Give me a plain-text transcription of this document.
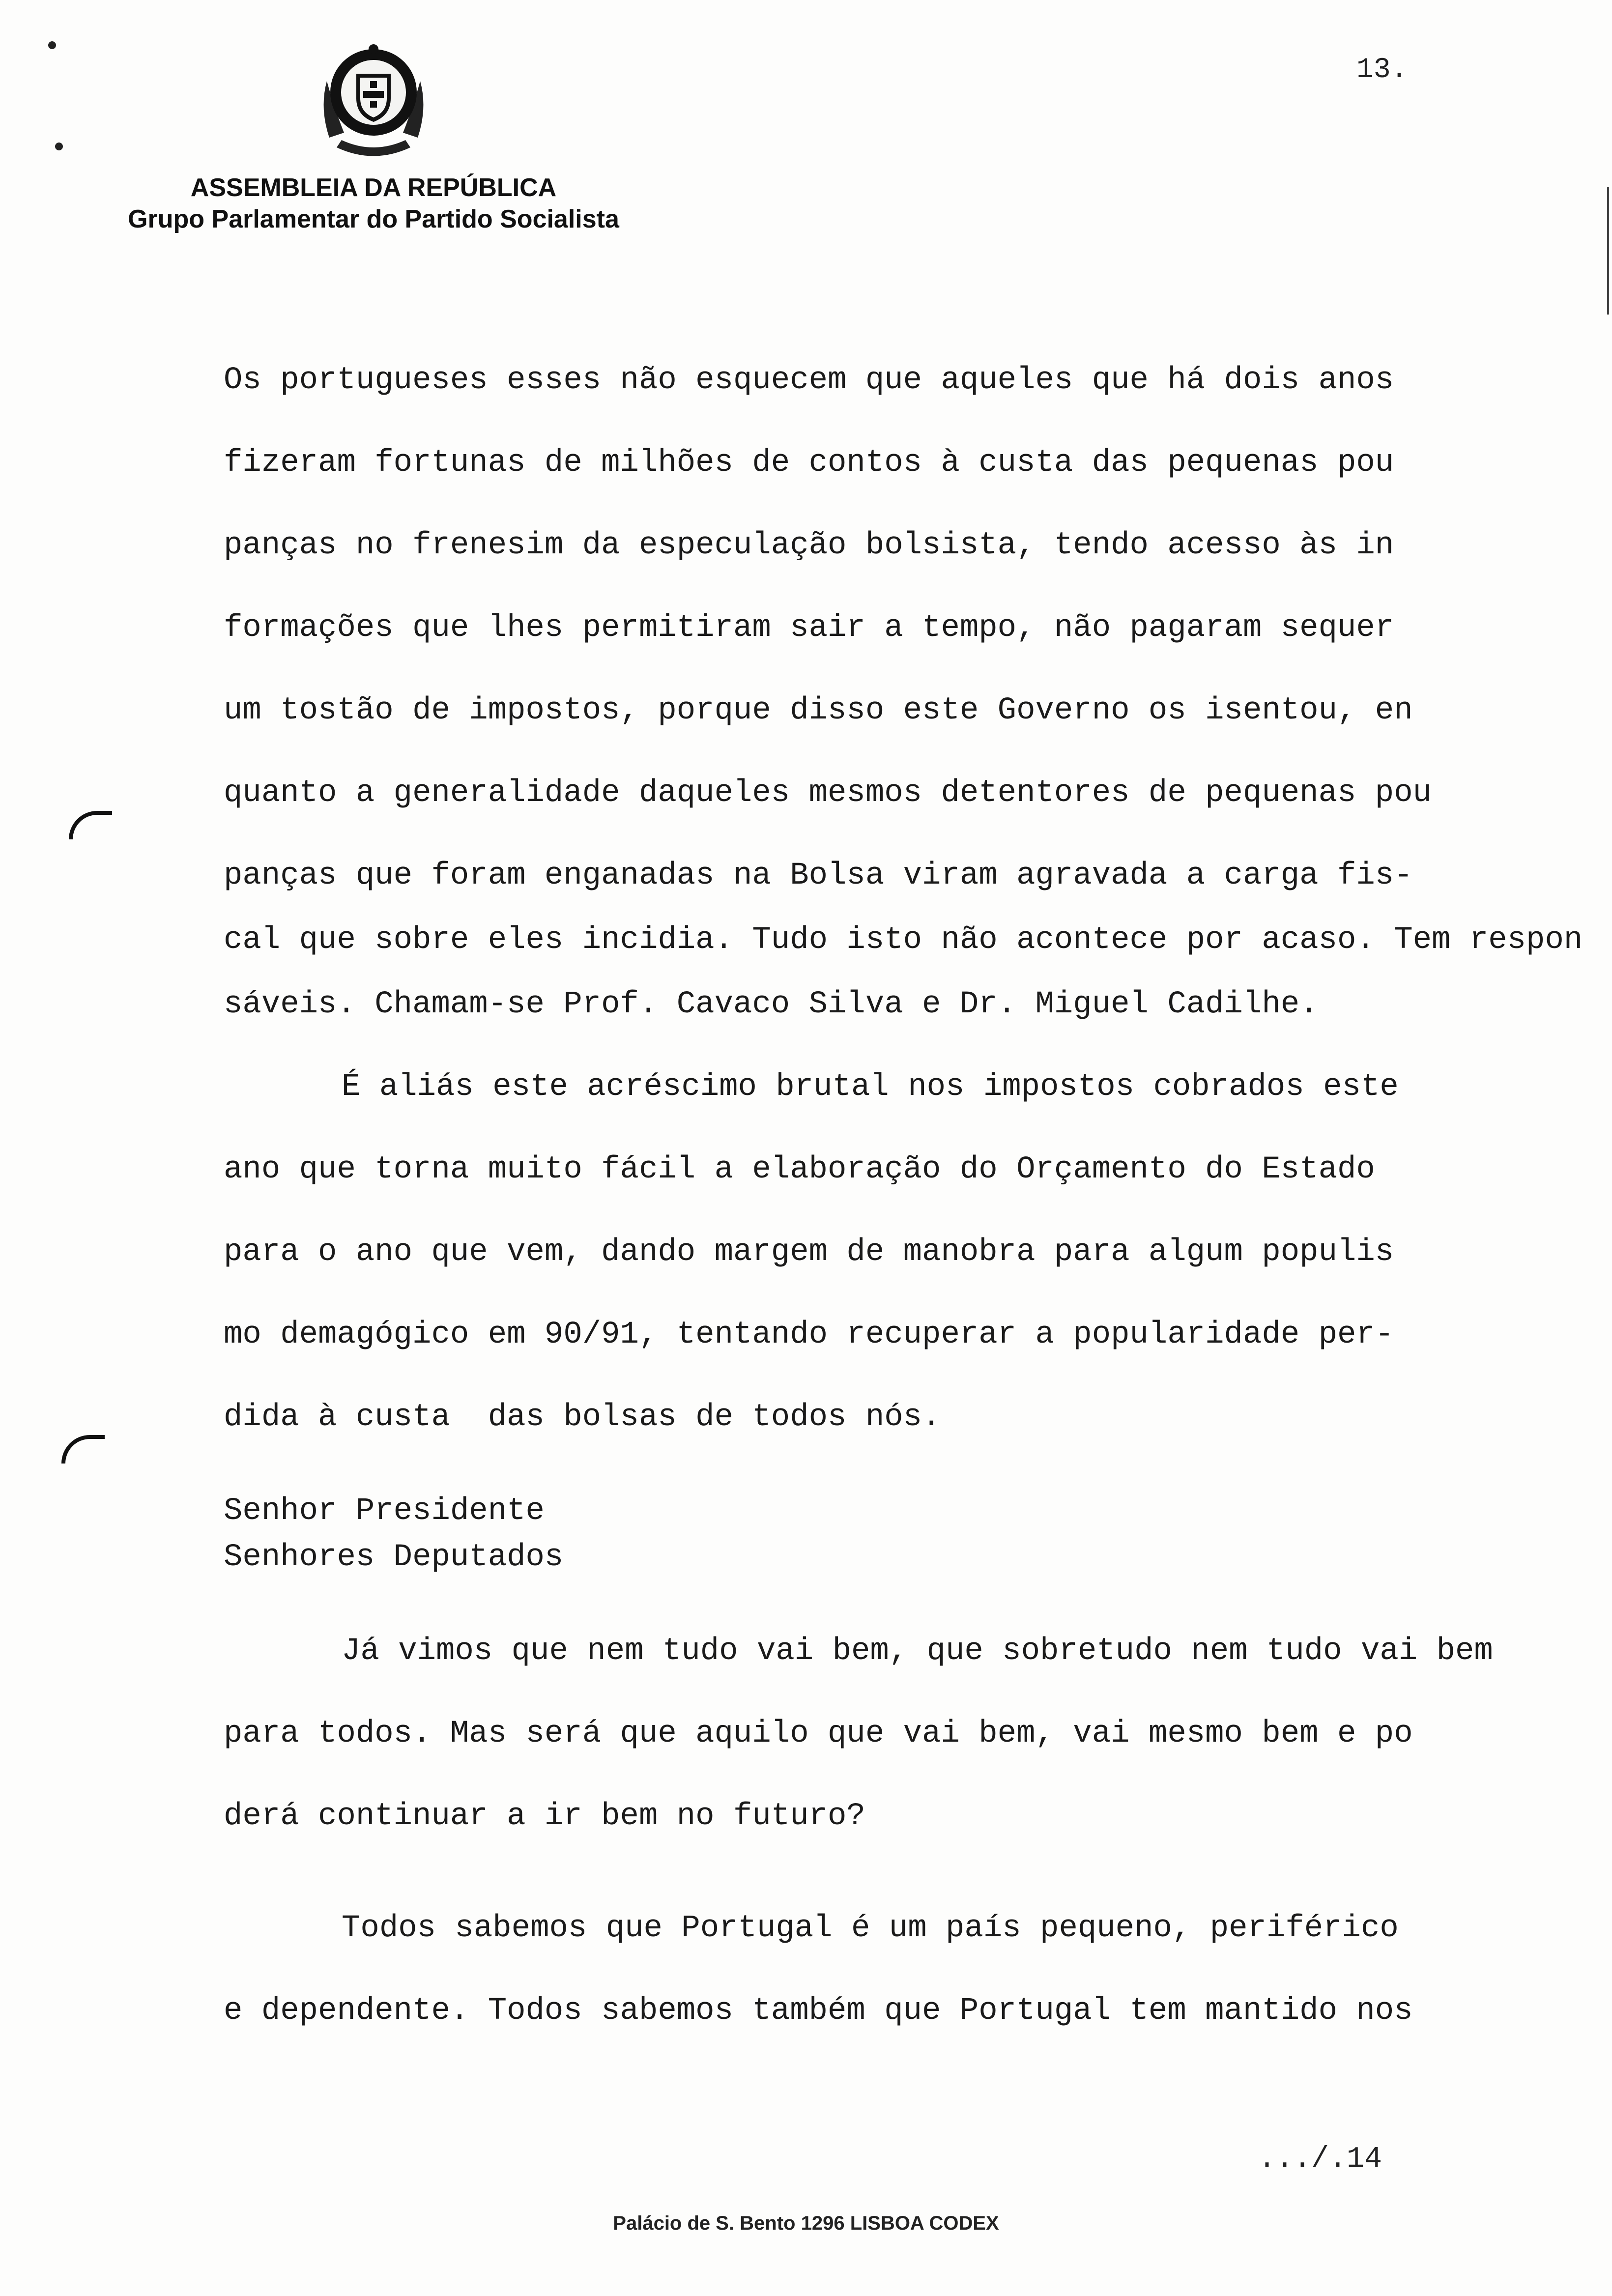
ASSEMBLEIA DA REPÚBLICA
Grupo Parlamentar do Partido Socialista
13.
Os portugueses esses não esquecem que aqueles que há dois anos
fizeram fortunas de milhões de contos à custa das pequenas pou
panças no frenesim da especulação bolsista, tendo acesso às in
formações que lhes permitiram sair a tempo, não pagaram sequer
um tostão de impostos, porque disso este Governo os isentou, en
quanto a generalidade daqueles mesmos detentores de pequenas pou
panças que foram enganadas na Bolsa viram agravada a carga fis-
cal que sobre eles incidia. Tudo isto não acontece por acaso. Tem respon
sáveis. Chamam-se Prof. Cavaco Silva e Dr. Miguel Cadilhe.
É aliás este acréscimo brutal nos impostos cobrados este
ano que torna muito fácil a elaboração do Orçamento do Estado
para o ano que vem, dando margem de manobra para algum populis
mo demagógico em 90/91, tentando recuperar a popularidade per-
dida à custa  das bolsas de todos nós.
Senhor Presidente
Senhores Deputados
Já vimos que nem tudo vai bem, que sobretudo nem tudo vai bem
para todos. Mas será que aquilo que vai bem, vai mesmo bem e po
derá continuar a ir bem no futuro?
Todos sabemos que Portugal é um país pequeno, periférico
e dependente. Todos sabemos também que Portugal tem mantido nos
.../.14
Palácio de S. Bento 1296 LISBOA CODEX
